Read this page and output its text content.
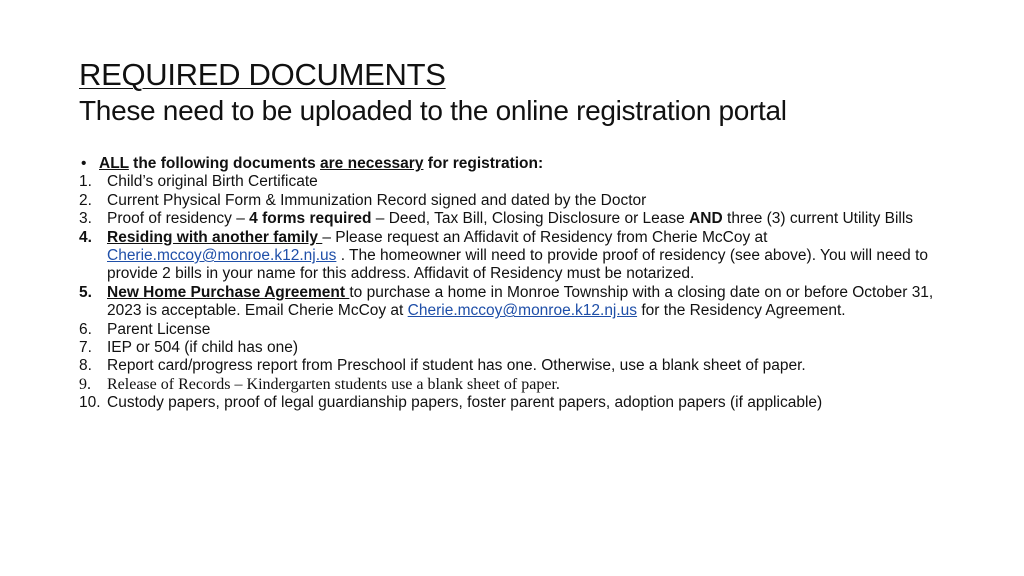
REQUIRED DOCUMENTS
These need to be uploaded to the online registration portal
• ALL the following documents are necessary for registration:
1. Child’s original Birth Certificate
2. Current Physical Form & Immunization Record signed and dated by the Doctor
3. Proof of residency – 4 forms required – Deed, Tax Bill, Closing Disclosure or Lease AND three (3) current Utility Bills
4. Residing with another family – Please request an Affidavit of Residency from Cherie McCoy at Cherie.mccoy@monroe.k12.nj.us . The homeowner will need to provide proof of residency (see above). You will need to provide 2 bills in your name for this address. Affidavit of Residency must be notarized.
5. New Home Purchase Agreement to purchase a home in Monroe Township with a closing date on or before October 31, 2023 is acceptable. Email Cherie McCoy at Cherie.mccoy@monroe.k12.nj.us for the Residency Agreement.
6. Parent License
7. IEP or 504 (if child has one)
8. Report card/progress report from Preschool if student has one. Otherwise, use a blank sheet of paper.
9.	Release of Records – Kindergarten students use a blank sheet of paper.
10. Custody papers, proof of legal guardianship papers, foster parent papers, adoption papers (if applicable)
